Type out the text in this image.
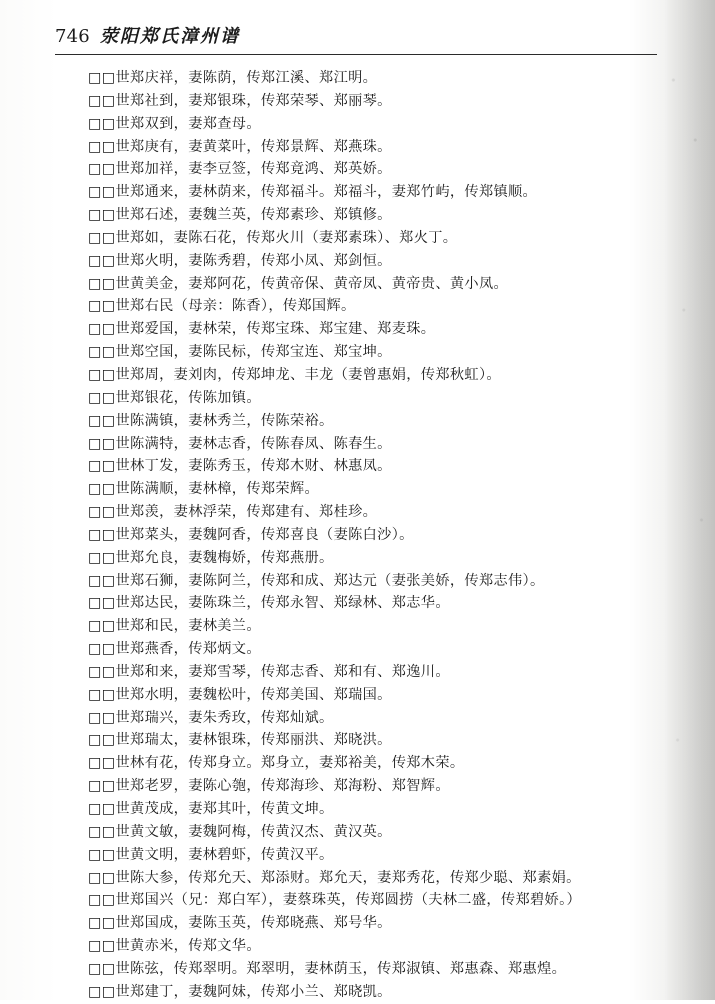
746 荥阳郑氏漳州谱
□□世郑庆祥，妻陈荫，传郑江溪、郑江明。
□□世郑社到，妻郑银珠，传郑荣琴、郑丽琴。
□□世郑双到，妻郑查母。
□□世郑庚有，妻黄菜叶，传郑景辉、郑燕珠。
□□世郑加祥，妻李豆签，传郑竟鸿、郑英娇。
□□世郑通来，妻林荫来，传郑福斗。郑福斗，妻郑竹屿，传郑镇顺。
□□世郑石述，妻魏兰英，传郑素珍、郑镇修。
□□世郑如，妻陈石花，传郑火川（妻郑素珠）、郑火丁。
□□世郑火明，妻陈秀碧，传郑小凤、郑剑恒。
□□世黄美金，妻郑阿花，传黄帝保、黄帝凤、黄帝贵、黄小凤。
□□世郑右民（母亲：陈香），传郑国辉。
□□世郑爱国，妻林荣，传郑宝珠、郑宝建、郑麦珠。
□□世郑空国，妻陈民标，传郑宝连、郑宝坤。
□□世郑周，妻刘肉，传郑坤龙、丰龙（妻曾惠娟，传郑秋虹）。
□□世郑银花，传陈加镇。
□□世陈满镇，妻林秀兰，传陈荣裕。
□□世陈满特，妻林志香，传陈春凤、陈春生。
□□世林丁发，妻陈秀玉，传郑木财、林惠凤。
□□世陈满顺，妻林樟，传郑荣辉。
□□世郑羡，妻林浮荣，传郑建有、郑桂珍。
□□世郑菜头，妻魏阿香，传郑喜良（妻陈白沙）。
□□世郑允良，妻魏梅娇，传郑燕册。
□□世郑石狮，妻陈阿兰，传郑和成、郑达元（妻张美娇，传郑志伟）。
□□世郑达民，妻陈珠兰，传郑永智、郑绿林、郑志华。
□□世郑和民，妻林美兰。
□□世郑燕香，传郑炳文。
□□世郑和来，妻郑雪琴，传郑志香、郑和有、郑逸川。
□□世郑水明，妻魏松叶，传郑美国、郑瑞国。
□□世郑瑞兴，妻朱秀玫，传郑灿斌。
□□世郑瑞太，妻林银珠，传郑丽洪、郑晓洪。
□□世林有花，传郑身立。郑身立，妻郑裕美，传郑木荣。
□□世郑老罗，妻陈心匏，传郑海珍、郑海粉、郑智辉。
□□世黄茂成，妻郑其叶，传黄文坤。
□□世黄文敏，妻魏阿梅，传黄汉杰、黄汉英。
□□世黄文明，妻林碧虾，传黄汉平。
□□世陈大参，传郑允天、郑添财。郑允天，妻郑秀花，传郑少聪、郑素娟。
□□世郑国兴（兄：郑白军），妻蔡珠英，传郑圆捞（夫林二盛，传郑碧娇。）
□□世郑国成，妻陈玉英，传郑晓燕、郑号华。
□□世黄赤米，传郑文华。
□□世陈弦，传郑翠明。郑翠明，妻林荫玉，传郑淑镇、郑惠森、郑惠煌。
□□世郑建丁，妻魏阿妹，传郑小兰、郑晓凯。
